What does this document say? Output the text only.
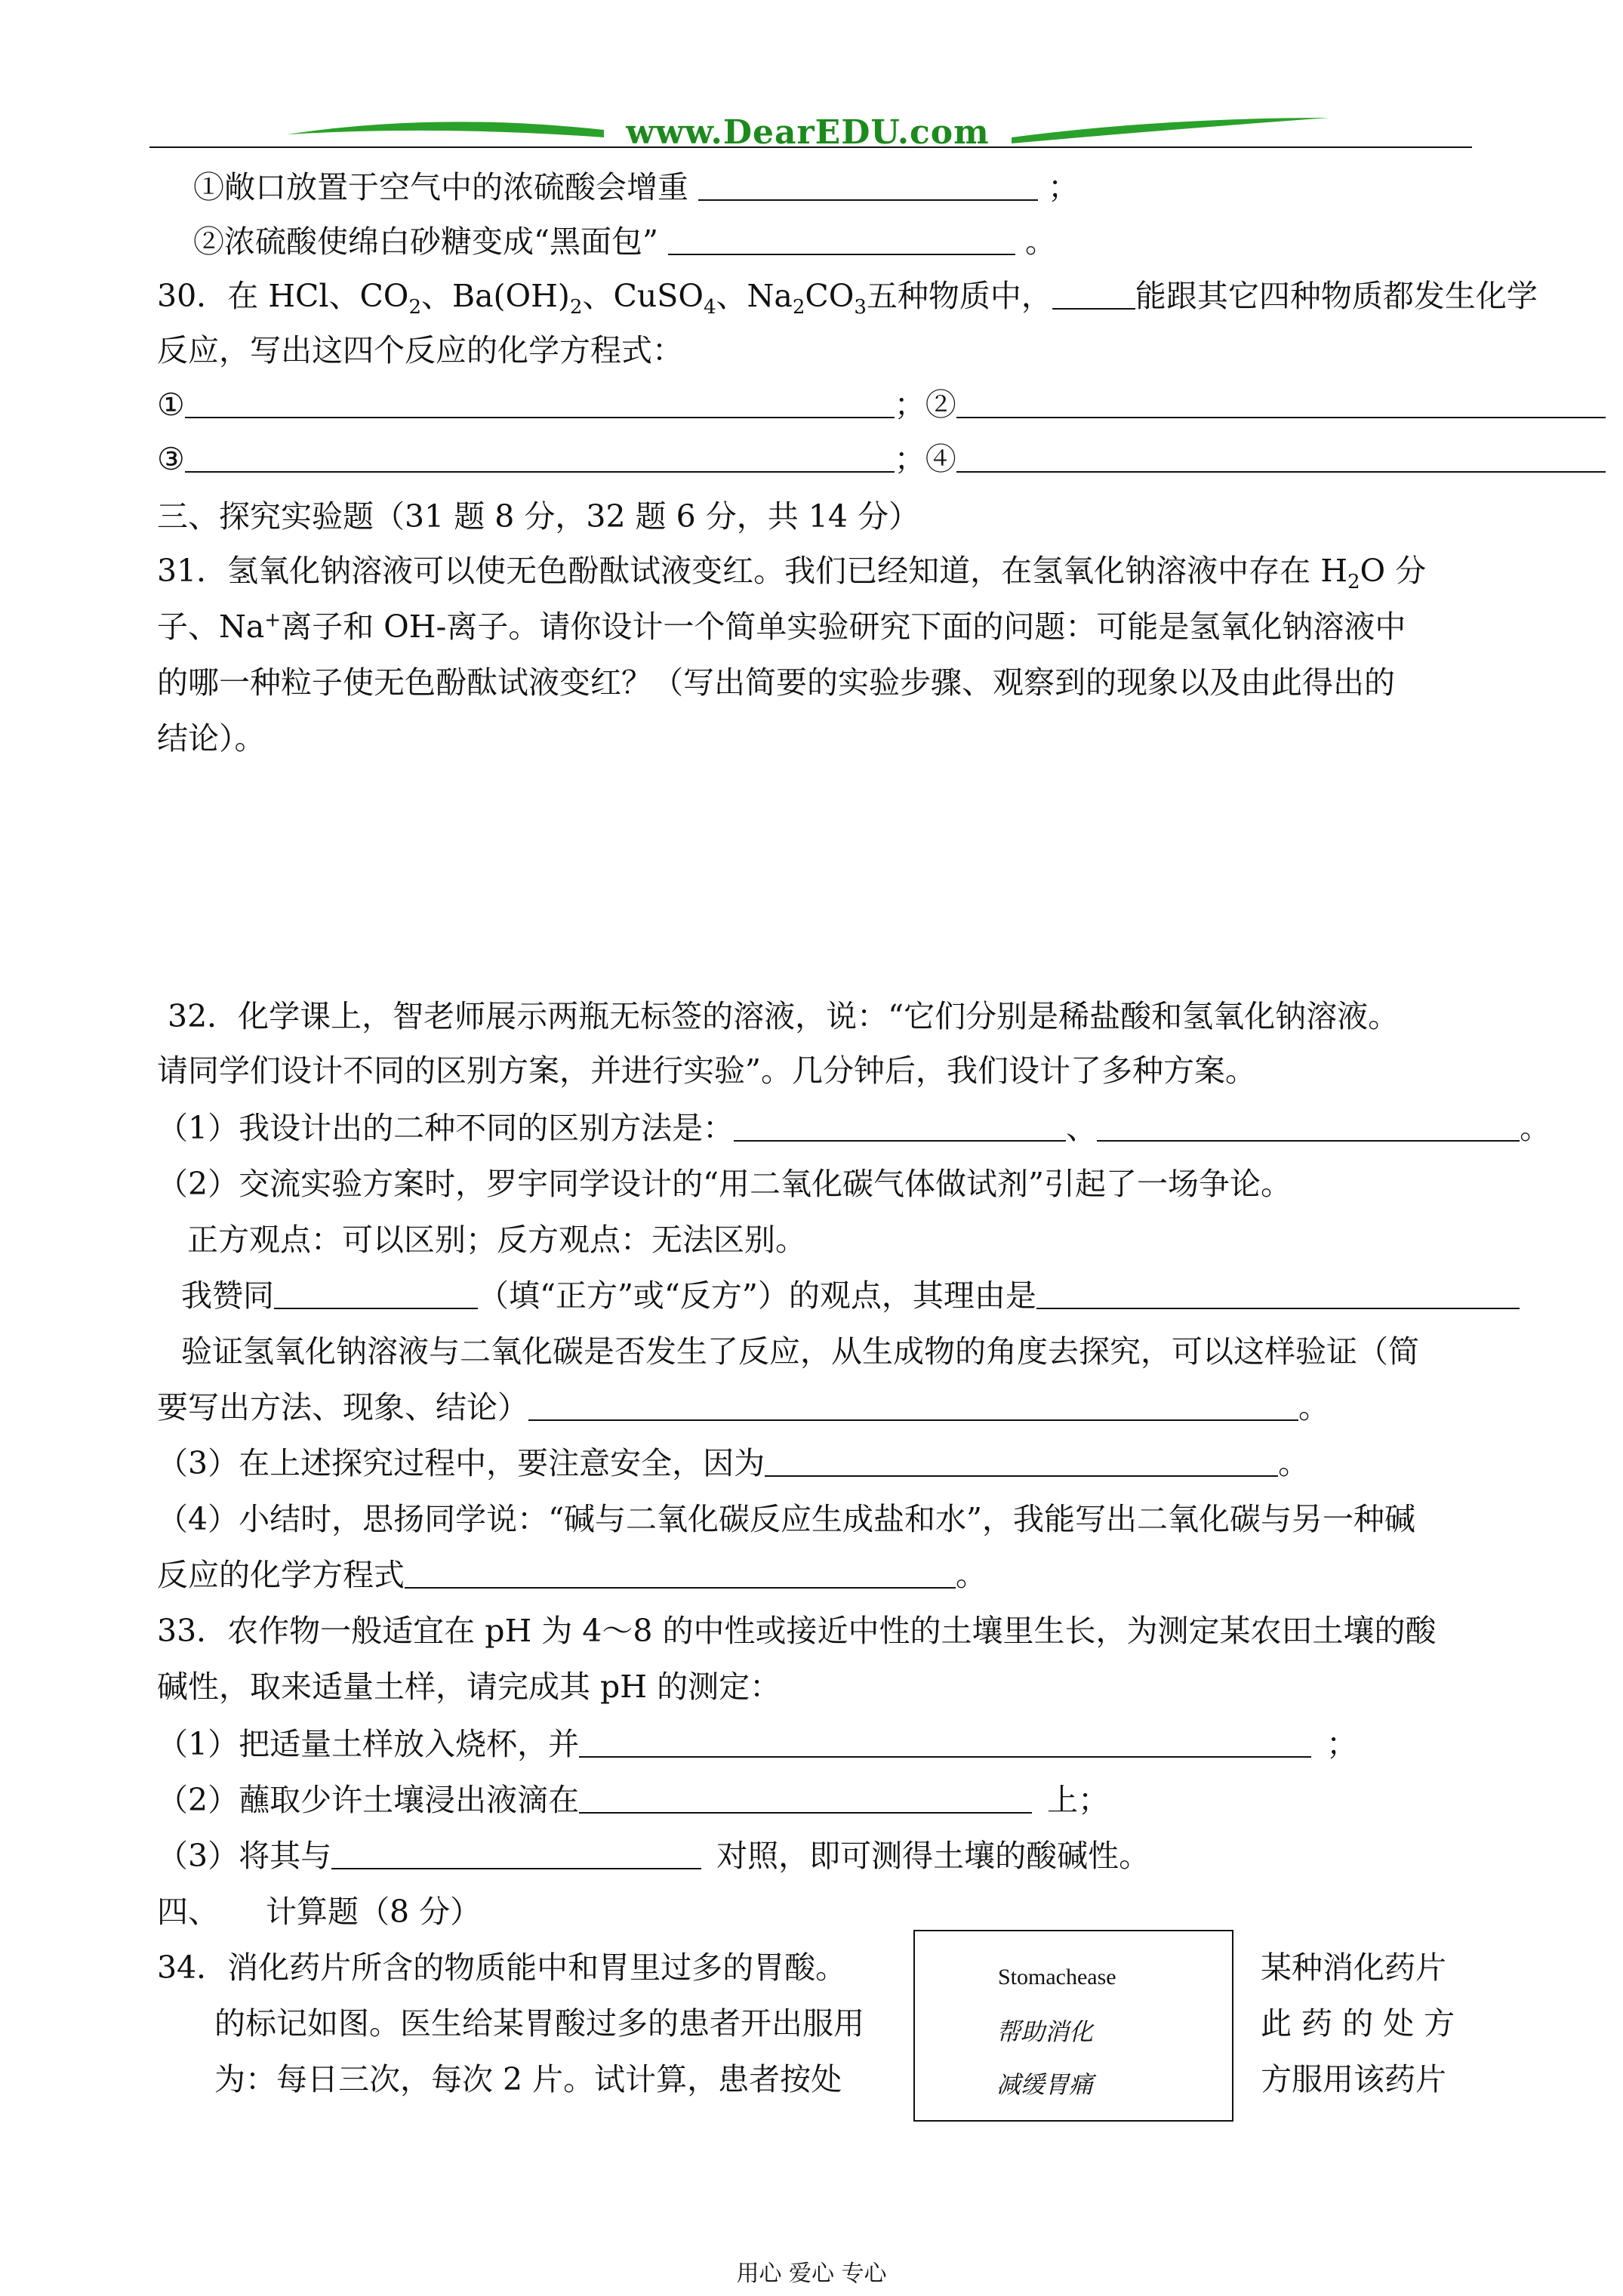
www.DearEDU.com
①敞口放置于空气中的浓硫酸会增重	；
②浓硫酸使绵白砂糖变成“黑面包”	。
30．在 HCl、$CO_2$、$Ba(OH)_2$、CuSO$_4$、$Na_2CO_3$五种物质中，	能跟其它四种物质都发生化学
反应，写出这四个反应的化学方程式：
①	；②
③	；④
三、探究实验题（31 题 8 分，32 题 6 分，共 14 分）
31．氢氧化钠溶液可以使无色酚酞试液变红。我们已经知道，在氢氧化钠溶液中存在 $H_2O$ 分
子、Na+离子和 OH-离子。请你设计一个简单实验研究下面的问题：可能是氢氧化钠溶液中
的哪一种粒子使无色酚酞试液变红？（写出简要的实验步骤、观察到的现象以及由此得出的
结论）。
32．化学课上，智老师展示两瓶无标签的溶液，说：“它们分别是稀盐酸和氢氧化钠溶液。
请同学们设计不同的区别方案，并进行实验”。几分钟后，我们设计了多种方案。
（1）我设计出的二种不同的区别方法是：	、	。
（2）交流实验方案时，罗宇同学设计的“用二氧化碳气体做试剂”引起了一场争论。
正方观点：可以区别；反方观点：无法区别。
我赞同	（填“正方”或“反方”）的观点，其理由是
验证氢氧化钠溶液与二氧化碳是否发生了反应，从生成物的角度去探究，可以这样验证（简
要写出方法、现象、结论）	。
（3）在上述探究过程中，要注意安全，因为	。
（4）小结时，思扬同学说：“碱与二氧化碳反应生成盐和水”，我能写出二氧化碳与另一种碱
反应的化学方程式	。
33．农作物一般适宜在 pH 为 4～8 的中性或接近中性的土壤里生长，为测定某农田土壤的酸
碱性，取来适量土样，请完成其 pH 的测定：
（1）把适量土样放入烧杯，并	；
（2）蘸取少许土壤浸出液滴在	上；
（3）将其与	对照，即可测得土壤的酸碱性。
四、 计算题（8 分）
34．消化药片所含的物质能中和胃里过多的胃酸。
的标记如图。医生给某胃酸过多的患者开出服用
为：每日三次，每次 2 片。试计算，患者按处
某种消化药片
此 药 的 处 方
方服用该药片
Stomachease
帮助消化
减缓胃痛
用心 爱心 专心
